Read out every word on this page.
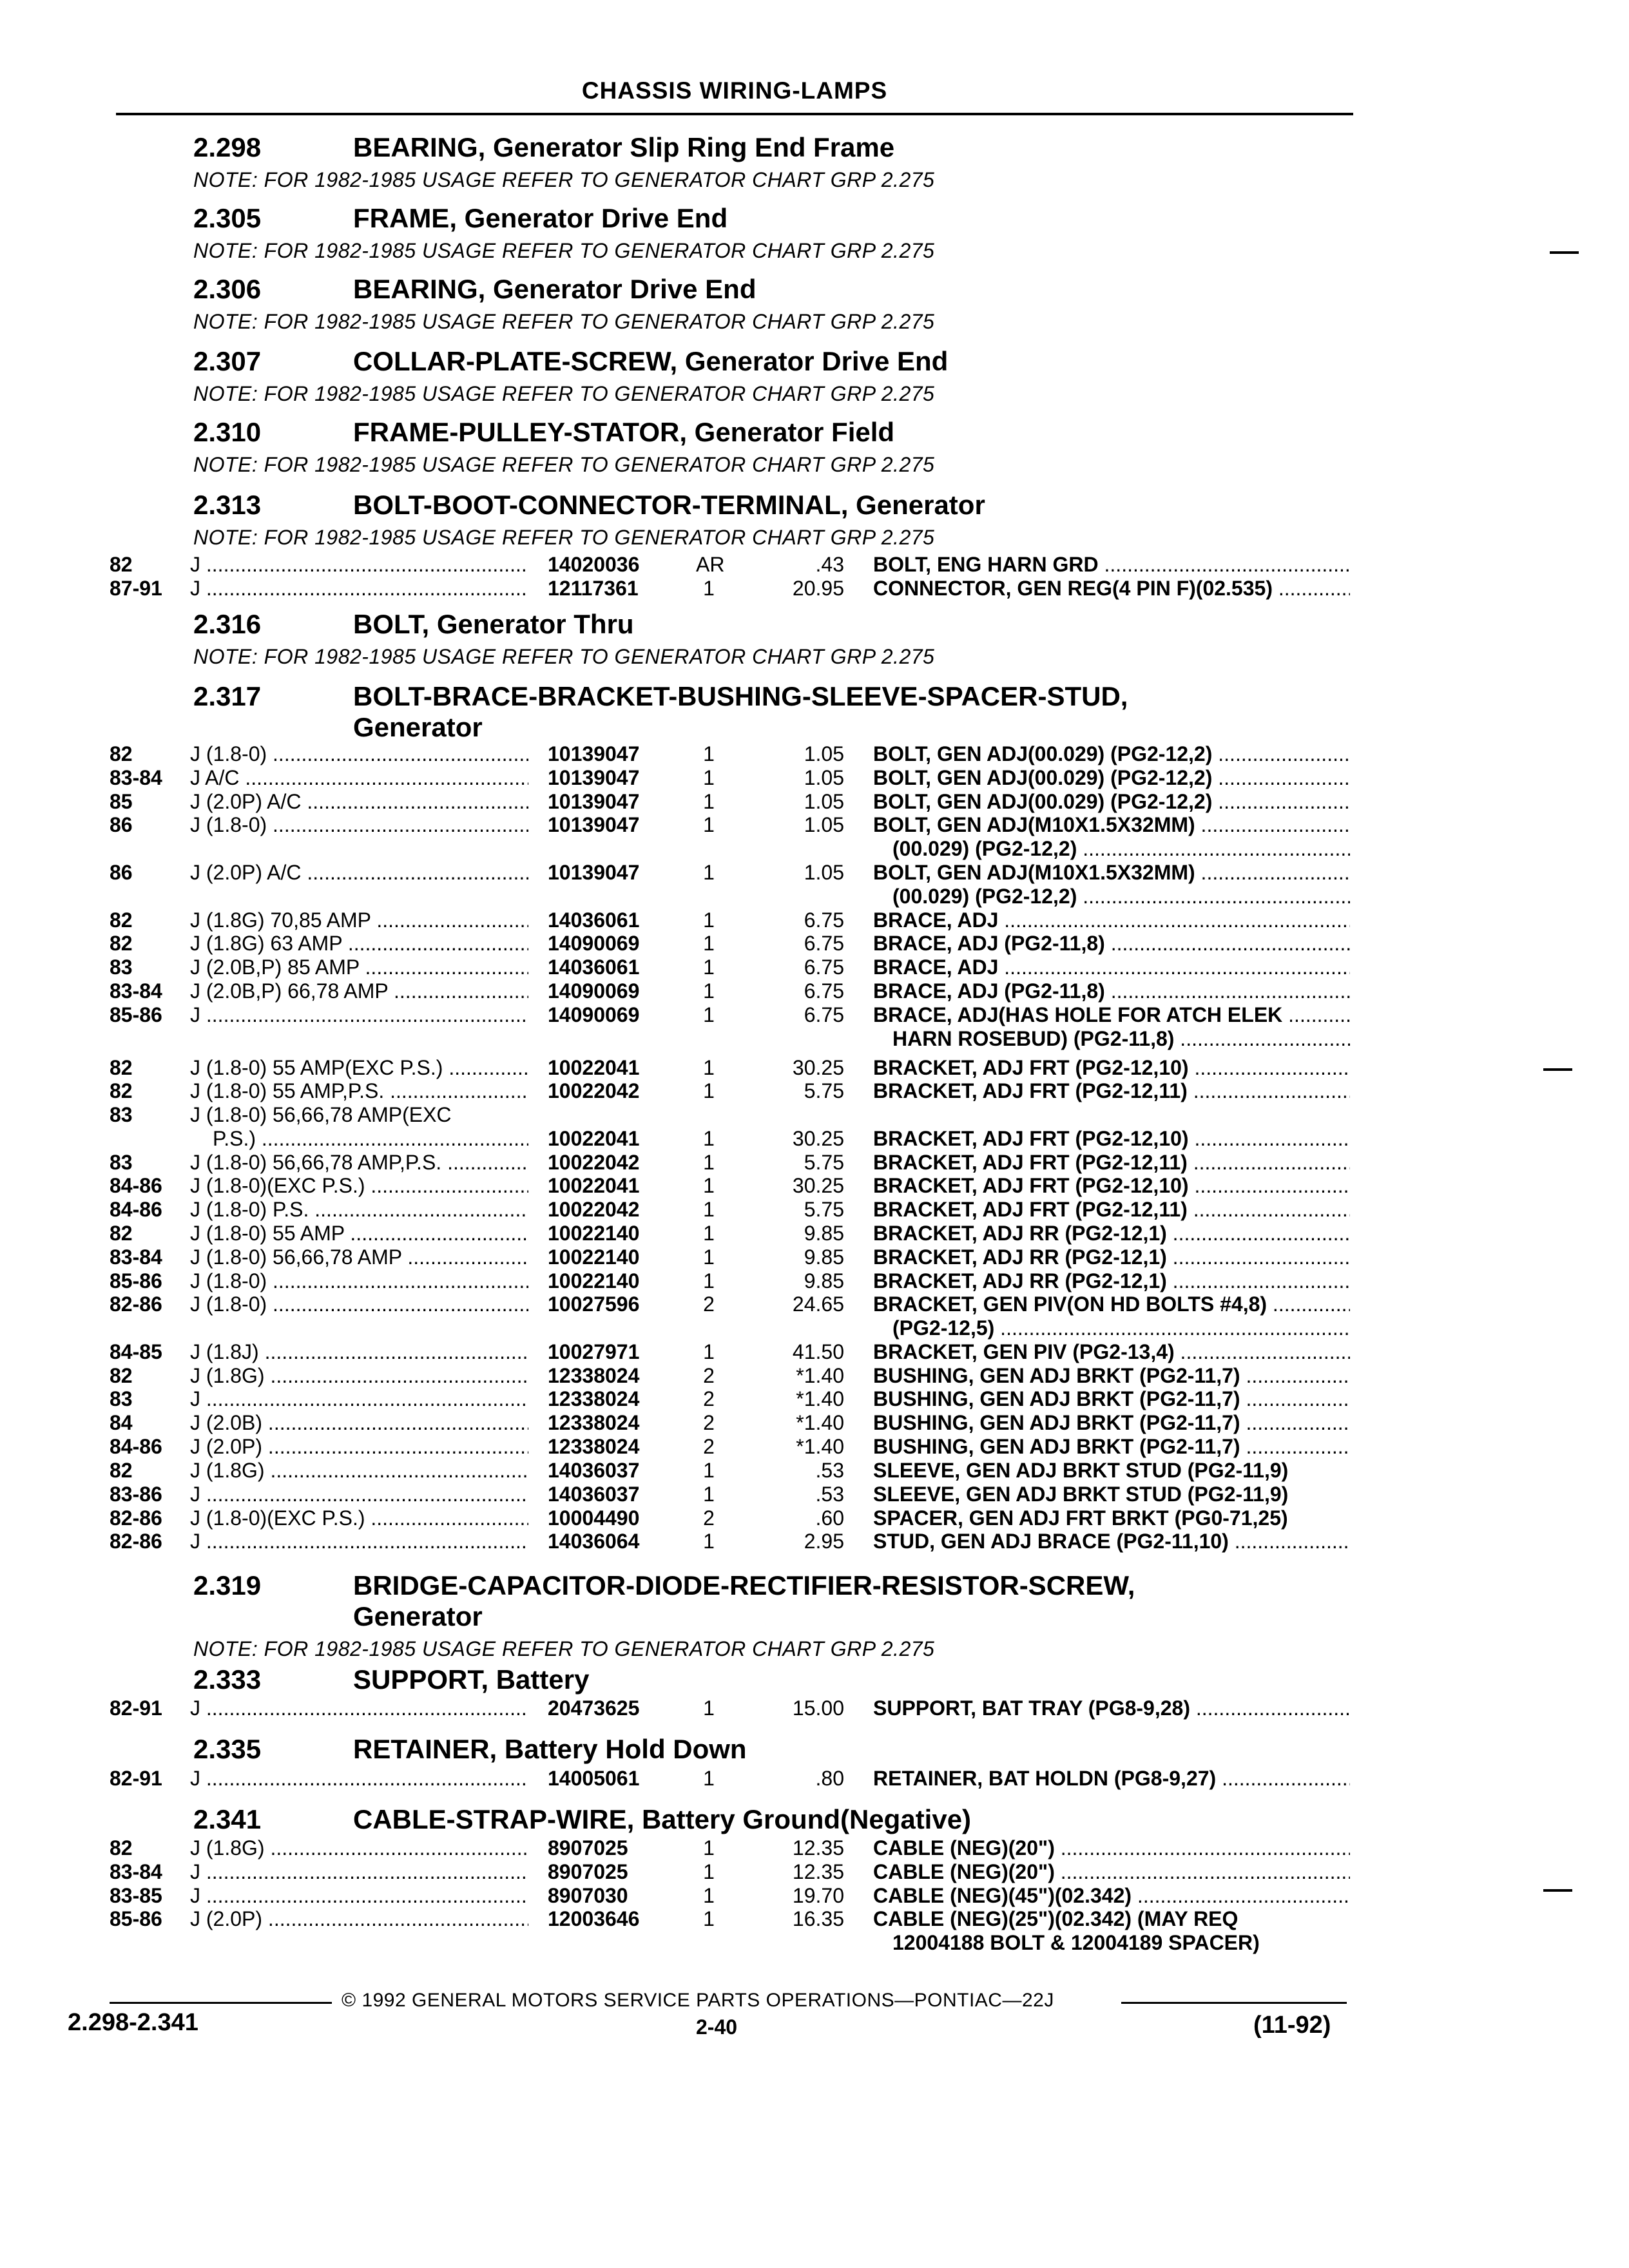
CHASSIS WIRING-LAMPS
2.298	BEARING, Generator Slip Ring End Frame
NOTE: FOR 1982-1985 USAGE REFER TO GENERATOR CHART GRP 2.275
2.305	FRAME, Generator Drive End
NOTE: FOR 1982-1985 USAGE REFER TO GENERATOR CHART GRP 2.275
2.306	BEARING, Generator Drive End
NOTE: FOR 1982-1985 USAGE REFER TO GENERATOR CHART GRP 2.275
2.307	COLLAR-PLATE-SCREW, Generator Drive End
NOTE: FOR 1982-1985 USAGE REFER TO GENERATOR CHART GRP 2.275
2.310	FRAME-PULLEY-STATOR, Generator Field
NOTE: FOR 1982-1985 USAGE REFER TO GENERATOR CHART GRP 2.275
2.313	BOLT-BOOT-CONNECTOR-TERMINAL, Generator
NOTE: FOR 1982-1985 USAGE REFER TO GENERATOR CHART GRP 2.275
2.316	BOLT, Generator Thru
NOTE: FOR 1982-1985 USAGE REFER TO GENERATOR CHART GRP 2.275
2.317	BOLT-BRACE-BRACKET-BUSHING-SLEEVE-SPACER-STUD,
Generator
2.319	BRIDGE-CAPACITOR-DIODE-RECTIFIER-RESISTOR-SCREW,
Generator
NOTE: FOR 1982-1985 USAGE REFER TO GENERATOR CHART GRP 2.275
2.333	SUPPORT, Battery
2.335	RETAINER, Battery Hold Down
2.341	CABLE-STRAP-WIRE, Battery Ground(Negative)
82	J .....	14020036	AR	.43 BOLT, ENG HARN GRD .....
87-91 J .....	12117361	1	20.95 CONNECTOR, GEN REG(4 PIN F)(02.535) .....
82	J (1.8-0) .....	10139047	1	1.05 BOLT, GEN ADJ(00.029) (PG2-12,2) .....
83-84 J A/C .....	10139047	1	1.05 BOLT, GEN ADJ(00.029) (PG2-12,2) .....
85	J (2.0P) A/C .....	10139047	1	1.05 BOLT, GEN ADJ(00.029) (PG2-12,2) .....
86	J (1.8-0) .....	10139047	1	1.05 BOLT, GEN ADJ(M10X1.5X32MM) .....
(00.029) (PG2-12,2) .....
86	J (2.0P) A/C .....	10139047	1	1.05 BOLT, GEN ADJ(M10X1.5X32MM) .....
(00.029) (PG2-12,2) .....
82	J (1.8G) 70,85 AMP .....	14036061	1	6.75 BRACE, ADJ .....
82	J (1.8G) 63 AMP .....	14090069	1	6.75 BRACE, ADJ (PG2-11,8) .....
83	J (2.0B,P) 85 AMP .....	14036061	1	6.75 BRACE, ADJ .....
83-84 J (2.0B,P) 66,78 AMP .....	14090069	1	6.75 BRACE, ADJ (PG2-11,8) .....
85-86 J .....	14090069	1	6.75 BRACE, ADJ(HAS HOLE FOR ATCH ELEK .....
HARN ROSEBUD) (PG2-11,8) .....
82	J (1.8-0) 55 AMP(EXC P.S.) .....	10022041	1	30.25 BRACKET, ADJ FRT (PG2-12,10) .....
82	J (1.8-0) 55 AMP,P.S. .....	10022042	1	5.75 BRACKET, ADJ FRT (PG2-12,11) .....
83	J (1.8-0) 56,66,78 AMP(EXC
P.S.) .....	10022041	1	30.25 BRACKET, ADJ FRT (PG2-12,10) .....
83	J (1.8-0) 56,66,78 AMP,P.S. .....	10022042	1	5.75 BRACKET, ADJ FRT (PG2-12,11) .....
84-86 J (1.8-0)(EXC P.S.) .....	10022041	1	30.25 BRACKET, ADJ FRT (PG2-12,10) .....
84-86 J (1.8-0) P.S. .....	10022042	1	5.75 BRACKET, ADJ FRT (PG2-12,11) .....
82	J (1.8-0) 55 AMP .....	10022140	1	9.85 BRACKET, ADJ RR (PG2-12,1) .....
83-84 J (1.8-0) 56,66,78 AMP .....	10022140	1	9.85 BRACKET, ADJ RR (PG2-12,1) .....
85-86 J (1.8-0) .....	10022140	1	9.85 BRACKET, ADJ RR (PG2-12,1) .....
82-86 J (1.8-0) .....	10027596	2	24.65 BRACKET, GEN PIV(ON HD BOLTS #4,8) .....
(PG2-12,5) .....
84-85 J (1.8J) .....	10027971	1	41.50 BRACKET, GEN PIV (PG2-13,4) .....
82	J (1.8G) .....	12338024	2	*1.40 BUSHING, GEN ADJ BRKT (PG2-11,7) .....
83	J .....	12338024	2	*1.40 BUSHING, GEN ADJ BRKT (PG2-11,7) .....
84	J (2.0B) .....	12338024	2	*1.40 BUSHING, GEN ADJ BRKT (PG2-11,7) .....
84-86 J (2.0P) .....	12338024	2	*1.40 BUSHING, GEN ADJ BRKT (PG2-11,7) .....
82	J (1.8G) .....	14036037	1	.53 SLEEVE, GEN ADJ BRKT STUD (PG2-11,9)
83-86 J .....	14036037	1	.53 SLEEVE, GEN ADJ BRKT STUD (PG2-11,9)
82-86 J (1.8-0)(EXC P.S.) .....	10004490	2	.60 SPACER, GEN ADJ FRT BRKT (PG0-71,25)
82-86 J .....	14036064	1	2.95 STUD, GEN ADJ BRACE (PG2-11,10) .....
82-91 J .....	20473625	1	15.00 SUPPORT, BAT TRAY (PG8-9,28) .....
82-91 J .....	14005061	1	.80 RETAINER, BAT HOLDN (PG8-9,27) .....
82	J (1.8G) .....	8907025	1	12.35 CABLE (NEG)(20") .....
83-84 J .....	8907025	1	12.35 CABLE (NEG)(20") .....
83-85 J .....	8907030	1	19.70 CABLE (NEG)(45")(02.342) .....
85-86 J (2.0P) .....	12003646	1	16.35 CABLE (NEG)(25")(02.342) (MAY REQ
12004188 BOLT & 12004189 SPACER)
© 1992 GENERAL MOTORS SERVICE PARTS OPERATIONS—PONTIAC—22J
2.298-2.341	2-40	(11-92)
